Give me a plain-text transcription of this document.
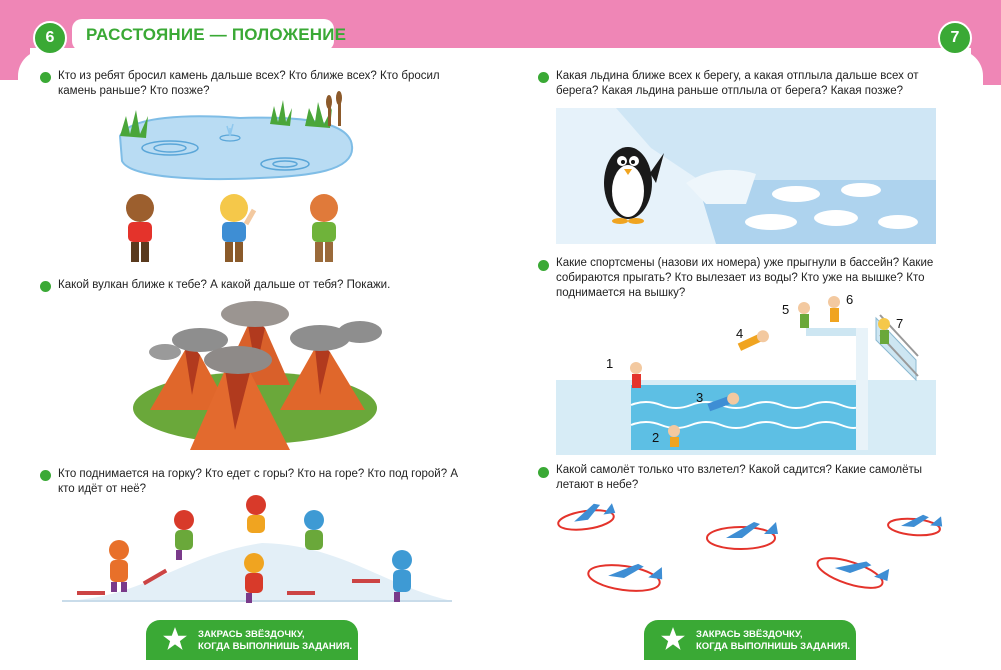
6	РАССТОЯНИЕ — ПОЛОЖЕНИЕ	7
Кто из ребят бросил камень дальше всех? Кто ближе всех? Кто бросил камень раньше? Кто позже?
Какой вулкан ближе к тебе? А какой дальше от тебя? Покажи.
Кто поднимается на горку? Кто едет с горы? Кто на горе? Кто под горой? А кто идёт от неё?
ЗАКРАСЬ ЗВЁЗДОЧКУ,
КОГДА ВЫПОЛНИШЬ ЗАДАНИЯ.
Какая льдина ближе всех к берегу, а какая отплыла дальше всех от берега? Какая льдина раньше отплыла от берега? Какая позже?
Какие спортсмены (назови их номера) уже прыгнули в бассейн? Какие собираются прыгать? Кто вылезает из воды? Кто уже на вышке? Кто поднимается на вышку?
1
2
3
4
5
6
7
Какой самолёт только что взлетел? Какой садится? Какие самолёты летают в небе?
ЗАКРАСЬ ЗВЁЗДОЧКУ,
КОГДА ВЫПОЛНИШЬ ЗАДАНИЯ.
